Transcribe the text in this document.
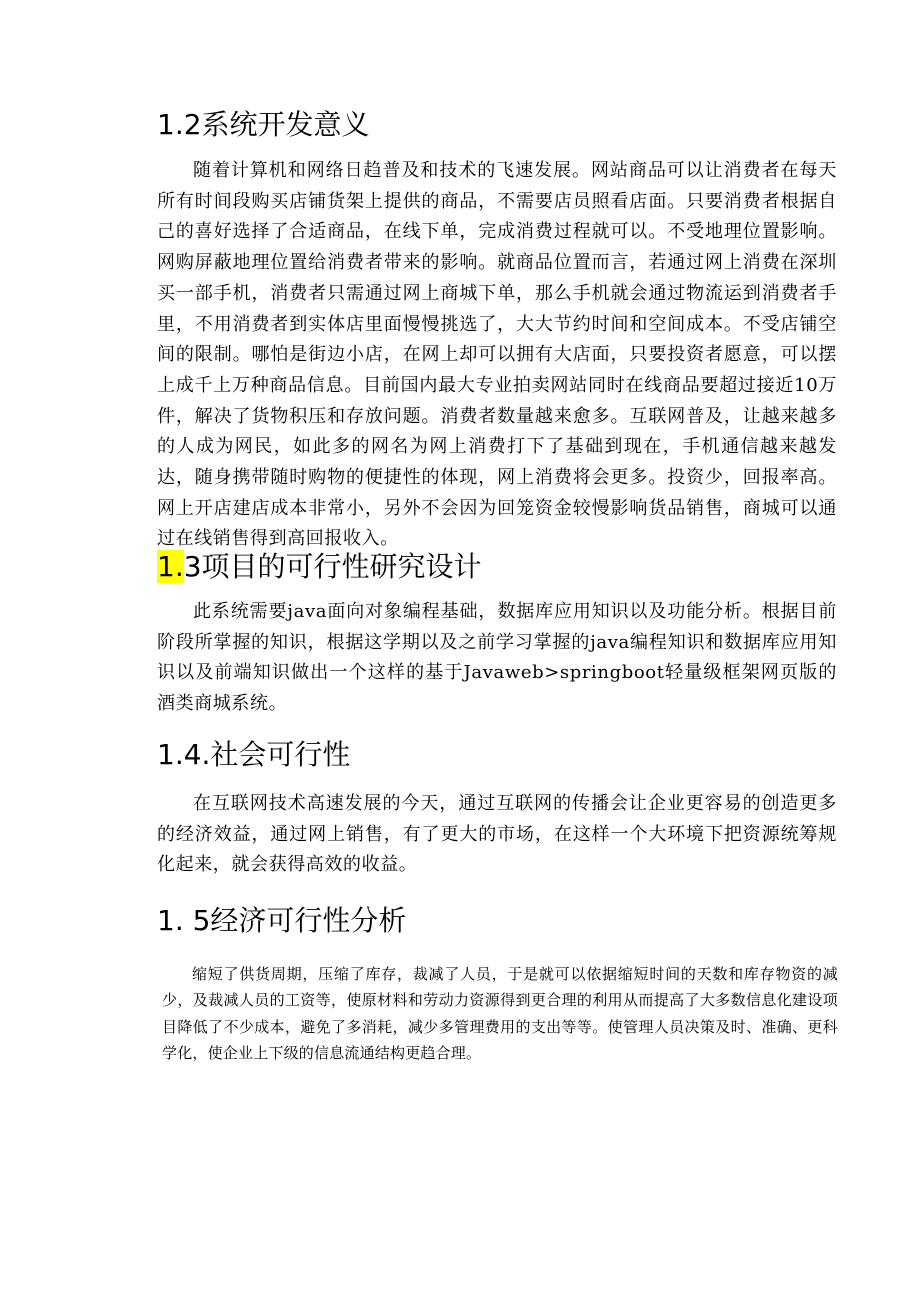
1.2系统开发意义

随着计算机和网络日趋普及和技术的飞速发展。网站商品可以让消费者在每天所有时间段购买店铺货架上提供的商品，不需要店员照看店面。只要消费者根据自己的喜好选择了合适商品，在线下单，完成消费过程就可以。不受地理位置影响。网购屏蔽地理位置给消费者带来的影响。就商品位置而言，若通过网上消费在深圳买一部手机，消费者只需通过网上商城下单，那么手机就会通过物流运到消费者手里，不用消费者到实体店里面慢慢挑选了，大大节约时间和空间成本。不受店铺空间的限制。哪怕是街边小店，在网上却可以拥有大店面，只要投资者愿意，可以摆上成千上万种商品信息。目前国内最大专业拍卖网站同时在线商品要超过接近10万件，解决了货物积压和存放问题。消费者数量越来愈多。互联网普及，让越来越多的人成为网民，如此多的网名为网上消费打下了基础到现在，手机通信越来越发达，随身携带随时购物的便捷性的体现，网上消费将会更多。投资少，回报率高。网上开店建店成本非常小，另外不会因为回笼资金较慢影响货品销售，商城可以通过在线销售得到高回报收入。

1.3项目的可行性研究设计

此系统需要java面向对象编程基础，数据库应用知识以及功能分析。根据目前阶段所掌握的知识，根据这学期以及之前学习掌握的java编程知识和数据库应用知识以及前端知识做出一个这样的基于Javaweb>springboot轻量级框架网页版的酒类商城系统。

1.4.社会可行性

在互联网技术高速发展的今天，通过互联网的传播会让企业更容易的创造更多的经济效益，通过网上销售，有了更大的市场，在这样一个大环境下把资源统筹规化起来，就会获得高效的收益。

1. 5经济可行性分析

缩短了供货周期，压缩了库存，裁减了人员，于是就可以依据缩短时间的天数和库存物资的减少，及裁减人员的工资等，使原材料和劳动力资源得到更合理的利用从而提高了大多数信息化建设项目降低了不少成本，避免了多消耗，减少多管理费用的支出等等。使管理人员决策及时、准确、更科学化，使企业上下级的信息流通结构更趋合理。
